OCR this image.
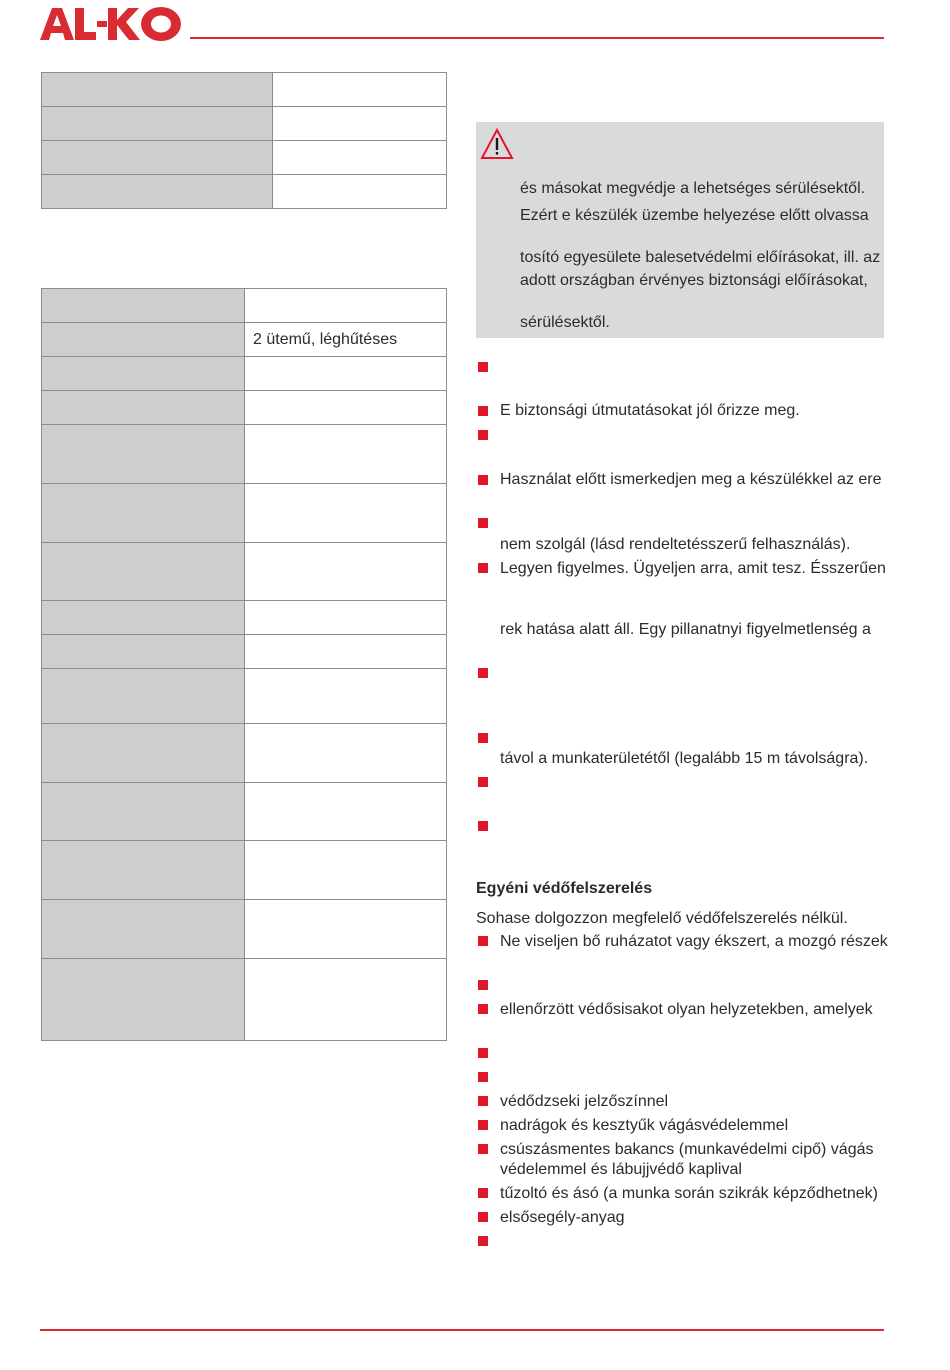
	2 ütemű, léghűtéses

és másokat megvédje a lehetséges sérülésektől.
Ezért e készülék üzembe helyezése előtt olvassa
tosító egyesülete balesetvédelmi előírásokat, ill. az
adott országban érvényes biztonsági előírásokat,
sérülésektől.
E biztonsági útmutatásokat jól őrizze meg.
Használat előtt ismerkedjen meg a készülékkel az ere
nem szolgál (lásd rendeltetésszerű felhasználás).
Legyen figyelmes. Ügyeljen arra, amit tesz. Ésszerűen
rek hatása alatt áll. Egy pillanatnyi figyelmetlenség a
távol a munkaterületétől (legalább 15 m távolságra).
Egyéni védőfelszerelés
Sohase dolgozzon megfelelő védőfelszerelés nélkül.
Ne viseljen bő ruházatot vagy ékszert, a mozgó részek
ellenőrzött védősisakot olyan helyzetekben, amelyek
védődzseki jelzőszínnel
nadrágok és kesztyűk vágásvédelemmel
csúszásmentes bakancs (munkavédelmi cipő) vágás
védelemmel és lábujjvédő kaplival
tűzoltó és ásó (a munka során szikrák képződhetnek)
elsősegély-anyag
